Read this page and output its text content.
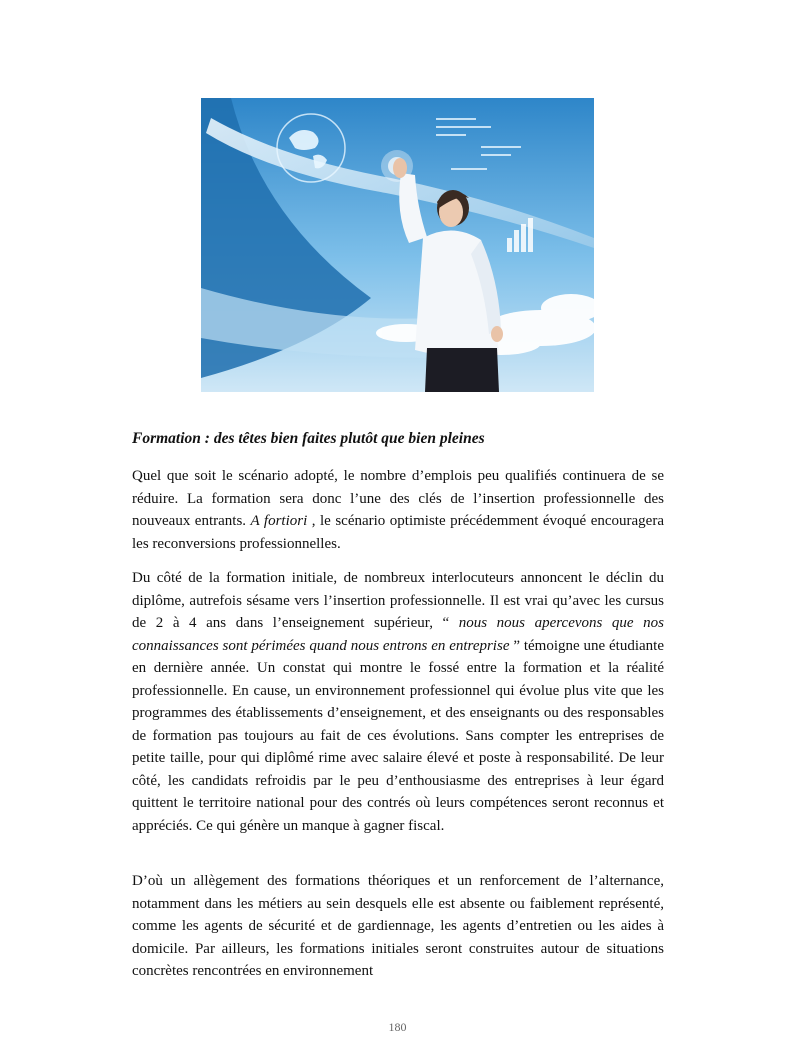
Formation : des têtes bien faites plutôt que bien pleines

Quel que soit le scénario adopté, le nombre d’emplois peu qualifiés continuera de se réduire. La formation sera donc l’une des clés de l’insertion professionnelle des nouveaux entrants. A fortiori , le scénario optimiste précédemment évoqué encouragera les reconversions professionnelles.

Du côté de la formation initiale, de nombreux interlocuteurs annoncent le déclin du diplôme, autrefois sésame vers l’insertion professionnelle. Il est vrai qu’avec les cursus de 2 à 4 ans dans l’enseignement supérieur, “ nous nous apercevons que nos connaissances sont périmées quand nous entrons en entreprise ” témoigne une étudiante en dernière année. Un constat qui montre le fossé entre la formation et la réalité professionnelle. En cause, un environnement professionnel qui évolue plus vite que les programmes des établissements d’enseignement, et des enseignants ou des responsables de formation pas toujours au fait de ces évolutions. Sans compter les entreprises de petite taille, pour qui diplômé rime avec salaire élevé et poste à responsabilité. De leur côté, les candidats refroidis par le peu d’enthousiasme des entreprises à leur égard quittent le territoire national pour des contrés où leurs compétences seront reconnus et appréciés. Ce qui génère un manque à gagner fiscal.

D’où un allègement des formations théoriques et un renforcement de l’alternance, notamment dans les métiers au sein desquels elle est absente ou faiblement représenté, comme les agents de sécurité et de gardiennage, les agents d’entretien ou les aides à domicile. Par ailleurs, les formations initiales seront construites autour de situations concrètes rencontrées en environnement

180
